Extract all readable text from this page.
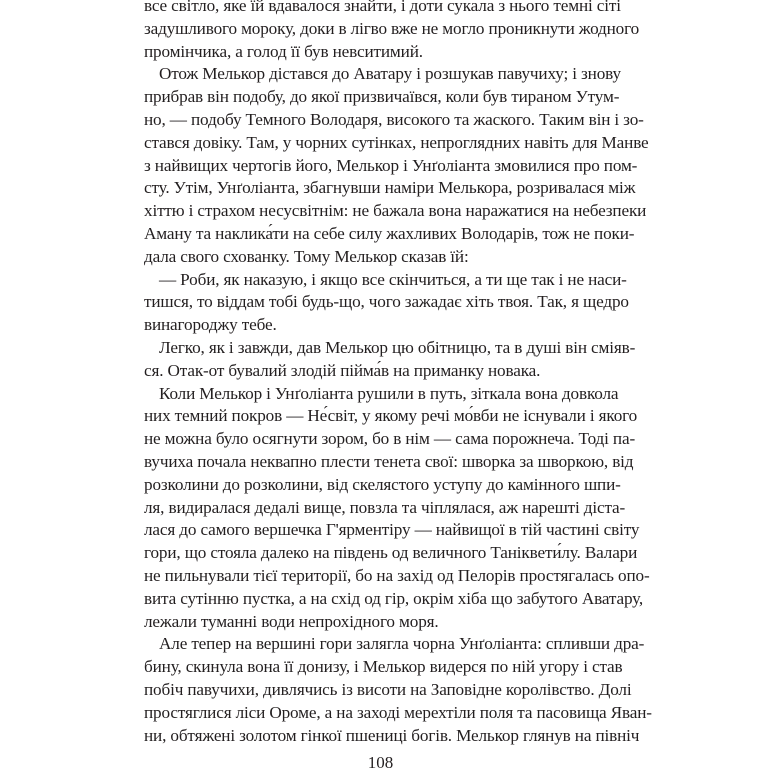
все світло, яке їй вдавалося знайти, і доти сукала з нього темні сіті
задушливого мороку, доки в лігво вже не могло проникнути жодного
промінчика, а голод її був невситимий.
Отож Мелькор дістався до Аватару і розшукав павучиху; і знову
прибрав він подобу, до якої призвичаївся, коли був тираном Утум-
но, — подобу Темного Володаря, високого та жаского. Таким він і зо-
стався довіку. Там, у чорних сутінках, непроглядних навіть для Манве
з найвищих чертогів його, Мелькор і Унґоліанта змовилися про пом-
сту. Утім, Унґоліанта, збагнувши наміри Мелькора, розривалася між
хіттю і страхом несусвітнім: не бажала вона наражатися на небезпеки
Аману та наклика́ти на себе силу жахливих Володарів, тож не поки-
дала свого схованку. Тому Мелькор сказав їй:
— Роби, як наказую, і якщо все скінчиться, а ти ще так і не наси-
тишся, то віддам тобі будь-що, чого зажадає хіть твоя. Так, я щедро
винагороджу тебе.
Легко, як і завжди, дав Мелькор цю обітницю, та в душі він сміяв-
ся. Отак-от бувалий злодій пійма́в на приманку новака.
Коли Мелькор і Унґоліанта рушили в путь, зіткала вона довкола
них темний покров — Не́світ, у якому речі мо́вби не існували і якого
не можна було осягнути зором, бо в нім — сама порожнеча. Тоді па-
вучиха почала неквапно плести тенета свої: шворка за шворкою, від
розколини до розколини, від скелястого уступу до камінного шпи-
ля, видиралася дедалі вище, повзла та чіплялася, аж нарешті діста-
лася до самого вершечка Г'ярментіру — найвищої в тій частині світу
гори, що стояла далеко на південь од величного Таніквети́лу. Валари
не пильнували тієї території, бо на захід од Пелорів простягалась опо-
вита сутінню пустка, а на схід од гір, окрім хіба що забутого Аватару,
лежали туманні води непрохідного моря.
Але тепер на вершині гори залягла чорна Унґоліанта: спливши дра-
бину, скинула вона її донизу, і Мелькор видерся по ній угору і став
побіч павучихи, дивлячись із висоти на Заповідне королівство. Долі
простяглися ліси Ороме, а на заході мерехтіли поля та пасовища Яван-
ни, обтяжені золотом гінкої пшениці богів. Мелькор глянув на північ
108
